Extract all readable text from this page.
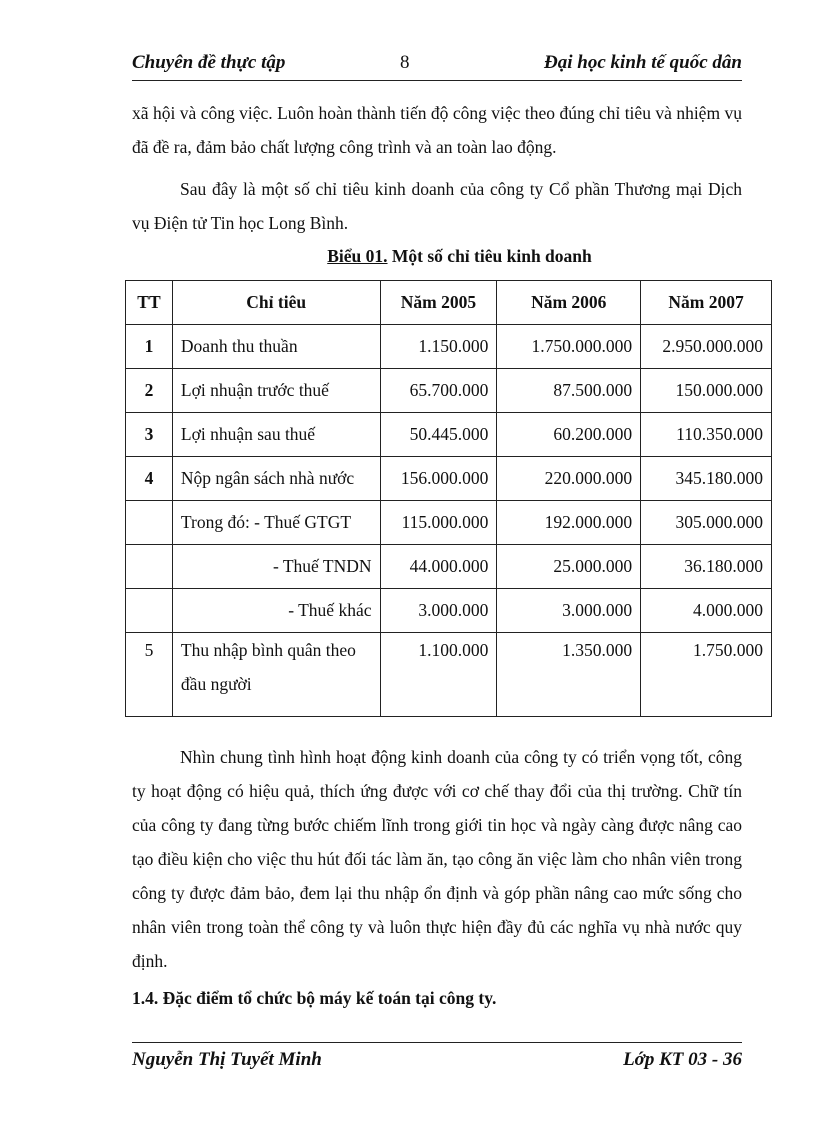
Chuyên đề thực tập	8	Đại học kinh tế quốc dân
xã hội và công việc. Luôn hoàn thành tiến độ công việc theo đúng chỉ tiêu và nhiệm vụ đã đề ra, đảm bảo chất lượng công trình và an toàn lao động.
Sau đây là một số chỉ tiêu kinh doanh của công ty Cổ phần Thương mại Dịch vụ Điện tử Tin học Long Bình.
Biểu 01. Một số chỉ tiêu kinh doanh
TT	Chỉ tiêu	Năm 2005	Năm 2006	Năm 2007
1	Doanh thu thuần	1.150.000	1.750.000.000	2.950.000.000
2	Lợi nhuận trước thuế	65.700.000	87.500.000	150.000.000
3	Lợi nhuận sau thuế	50.445.000	60.200.000	110.350.000
4	Nộp ngân sách nhà nước	156.000.000	220.000.000	345.180.000
	Trong đó: - Thuế GTGT	115.000.000	192.000.000	305.000.000
	- Thuế TNDN	44.000.000	25.000.000	36.180.000
	- Thuế khác	3.000.000	3.000.000	4.000.000
5	Thu nhập bình quân theo đầu người	1.100.000	1.350.000	1.750.000
Nhìn chung tình hình hoạt động kinh doanh của công ty có triển vọng tốt, công ty hoạt động có hiệu quả, thích ứng được với cơ chế thay đổi của thị trường. Chữ tín của công ty đang từng bước chiếm lĩnh trong giới tin học và ngày càng được nâng cao tạo điều kiện cho việc thu hút đối tác làm ăn, tạo công ăn việc làm cho nhân viên trong công ty được đảm bảo, đem lại thu nhập ổn định và góp phần nâng cao mức sống cho nhân viên trong toàn thể công ty và luôn thực hiện đầy đủ các nghĩa vụ nhà nước quy định.
1.4. Đặc điểm tổ chức bộ máy kế toán tại công ty.
Nguyễn Thị Tuyết Minh	Lớp KT 03 - 36
